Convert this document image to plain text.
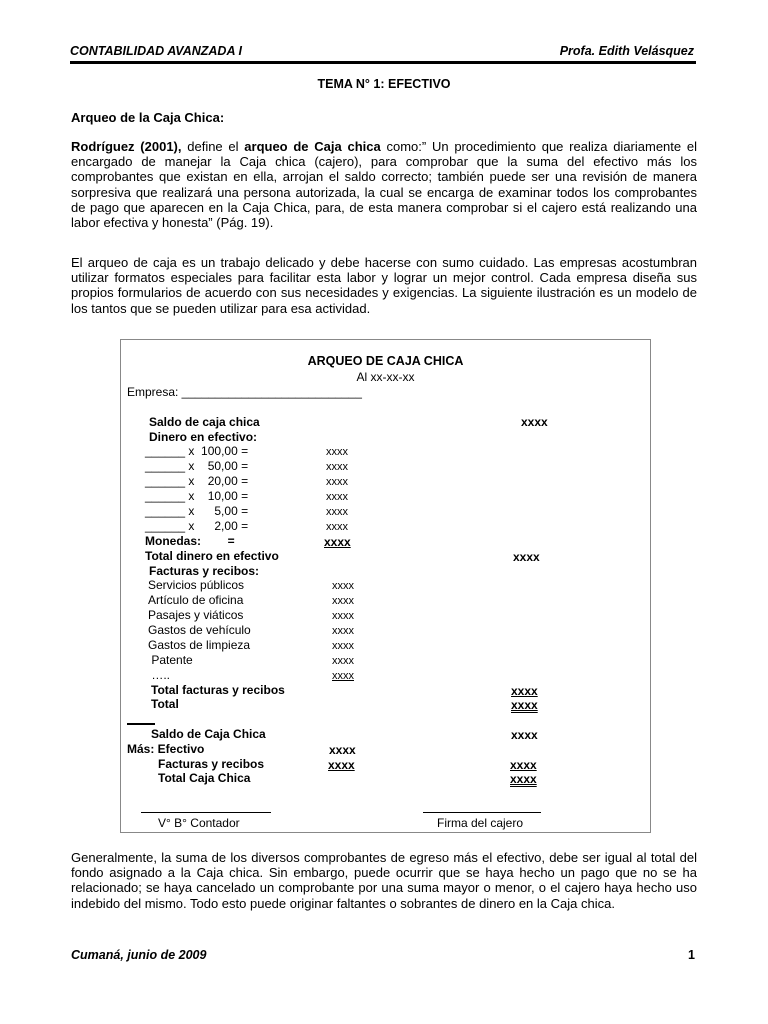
CONTABILIDAD AVANZADA I	Profa. Edith Velásquez
TEMA N° 1: EFECTIVO
Arqueo de la Caja Chica:
Rodríguez (2001), define el arqueo de Caja chica como:” Un procedimiento que realiza diariamente el encargado de manejar la Caja chica (cajero), para comprobar que la suma del efectivo más los comprobantes que existan en ella, arrojan el saldo correcto; también puede ser una revisión de manera sorpresiva que realizará una persona autorizada, la cual se encarga de examinar todos los comprobantes de pago que aparecen en la Caja Chica, para, de esta manera comprobar si el cajero está realizando una labor efectiva y honesta” (Pág. 19).
El arqueo de caja es un trabajo delicado y debe hacerse con sumo cuidado. Las empresas acostumbran utilizar formatos especiales para facilitar esta labor y lograr un mejor control. Cada empresa diseña sus propios formularios de acuerdo con sus necesidades y exigencias. La siguiente ilustración es un modelo de los tantos que se pueden utilizar para esa actividad.
ARQUEO DE CAJA CHICA
Al xx-xx-xx
Empresa: ___________________________
Saldo de caja chica	xxxx
Dinero en efectivo:
______ x  100,00 =	xxxx
______ x    50,00 =	xxxx
______ x    20,00 =	xxxx
______ x    10,00 =	xxxx
______ x      5,00 =	xxxx
______ x      2,00 =	xxxx
Monedas:        =	xxxx
Total dinero en efectivo	xxxx
Facturas y recibos:
Servicios públicos	xxxx
Artículo de oficina	xxxx
Pasajes y viáticos	xxxx
Gastos de vehículo	xxxx
Gastos de limpieza	xxxx
Patente	xxxx
…..	xxxx
Total facturas y recibos	xxxx
Total	xxxx
Saldo de Caja Chica	xxxx
Más: Efectivo	xxxx
Facturas y recibos	xxxx	xxxx
Total Caja Chica	xxxx
V° B° Contador	Firma del cajero
Generalmente, la suma de los diversos comprobantes de egreso más el efectivo, debe ser igual al total del fondo asignado a la Caja chica. Sin embargo, puede ocurrir que se haya hecho un pago que no se ha relacionado; se haya cancelado un comprobante por una suma mayor o menor, o el cajero haya hecho uso indebido del mismo. Todo esto puede originar faltantes o sobrantes de dinero en la Caja chica.
Cumaná, junio de 2009	1
